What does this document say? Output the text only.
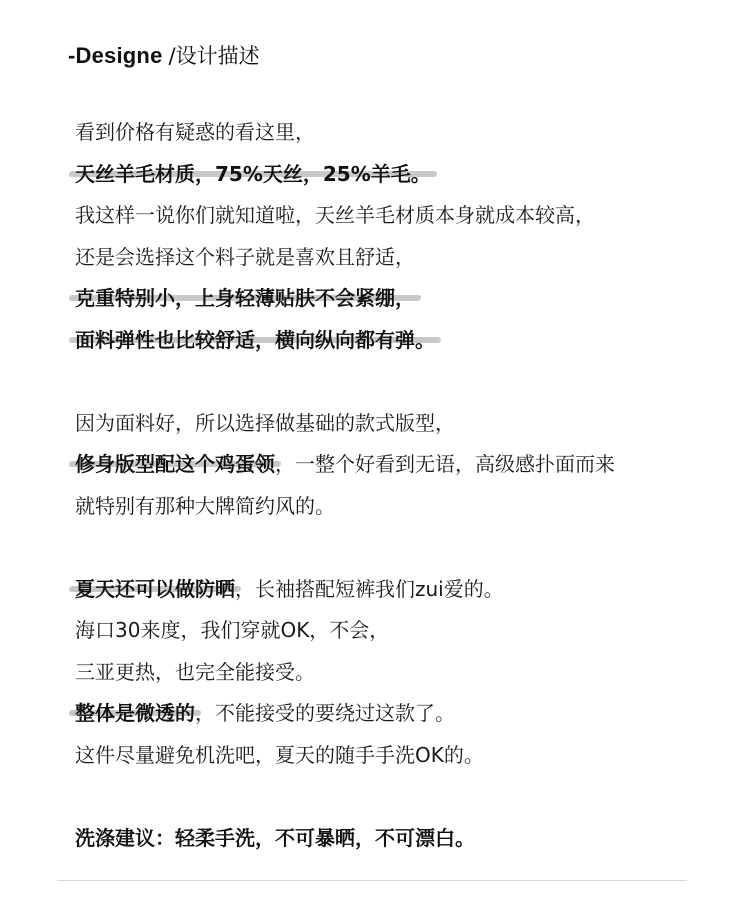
-Designe /设计描述
看到价格有疑惑的看这里，
天丝羊毛材质，75%天丝，25%羊毛。
我这样一说你们就知道啦，天丝羊毛材质本身就成本较高，
还是会选择这个料子就是喜欢且舒适，
克重特别小，上身轻薄贴肤不会紧绷，
面料弹性也比较舒适，横向纵向都有弹。
因为面料好，所以选择做基础的款式版型，
修身版型配这个鸡蛋领，一整个好看到无语，高级感扑面而来
就特别有那种大牌简约风的。
夏天还可以做防晒，长袖搭配短裤我们zui爱的。
海口30来度，我们穿就OK，不会，
三亚更热，也完全能接受。
整体是微透的，不能接受的要绕过这款了。
这件尽量避免机洗吧，夏天的随手手洗OK的。
洗涤建议：轻柔手洗，不可暴晒，不可漂白。
